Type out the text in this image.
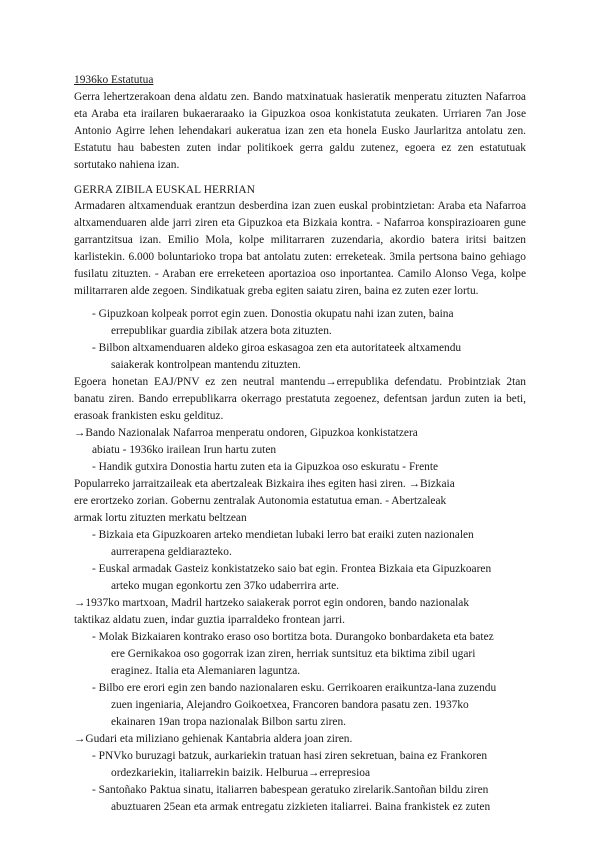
1936ko Estatutua

Gerra lehertzerakoan dena aldatu zen. Bando matxinatuak hasieratik menperatu zituzten Nafarroa eta Araba eta irailaren bukaeraraako ia Gipuzkoa osoa konkistatuta zeukaten. Urriaren 7an Jose Antonio Agirre lehen lehendakari aukeratua izan zen eta honela Eusko Jaurlaritza antolatu zen. Estatutu hau babesten zuten indar politikoek gerra galdu zutenez, egoera ez zen estatutuak sortutako nahiena izan.

GERRA ZIBILA EUSKAL HERRIAN

Armadaren altxamenduak erantzun desberdina izan zuen euskal probintzietan: Araba eta Nafarroa altxamenduaren alde jarri ziren eta Gipuzkoa eta Bizkaia kontra. - Nafarroa konspirazioaren gune garrantzitsua izan. Emilio Mola, kolpe militarraren zuzendaria, akordio batera iritsi baitzen karlistekin. 6.000 boluntarioko tropa bat antolatu zuten: erreketeak. 3mila pertsona baino gehiago fusilatu zituzten. - Araban ere erreketeen aportazioa oso inportantea. Camilo Alonso Vega, kolpe militarraren alde zegoen. Sindikatuak greba egiten saiatu ziren, baina ez zuten ezer lortu.

- Gipuzkoan kolpeak porrot egin zuen. Donostia okupatu nahi izan zuten, baina
errepublikar guardia zibilak atzera bota zituzten.
- Bilbon altxamenduaren aldeko giroa eskasagoa zen eta autoritateek altxamendu
saiakerak kontrolpean mantendu zituzten.

Egoera honetan EAJ/PNV ez zen neutral mantendu→errepublika defendatu. Probintziak 2tan banatu ziren. Bando errepublikarra okerrago prestatuta zegoenez, defentsan jardun zuten ia beti, erasoak frankisten esku geldituz.

→Bando Nazionalak Nafarroa menperatu ondoren, Gipuzkoa konkistatzera
abiatu - 1936ko irailean Irun hartu zuten
- Handik gutxira Donostia hartu zuten eta ia Gipuzkoa oso eskuratu - Frente
Popularreko jarraitzaileak eta abertzaleak Bizkaira ihes egiten hasi ziren. →Bizkaia
ere erortzeko zorian. Gobernu zentralak Autonomia estatutua eman. - Abertzaleak
armak lortu zituzten merkatu beltzean
- Bizkaia eta Gipuzkoaren arteko mendietan lubaki lerro bat eraiki zuten nazionalen
aurrerapena geldiarazteko.
- Euskal armadak Gasteiz konkistatzeko saio bat egin. Frontea Bizkaia eta Gipuzkoaren
arteko mugan egonkortu zen 37ko udaberrira arte.
→1937ko martxoan, Madril hartzeko saiakerak porrot egin ondoren, bando nazionalak
taktikaz aldatu zuen, indar guztia iparraldeko frontean jarri.
- Molak Bizkaiaren kontrako eraso oso bortitza bota. Durangoko bonbardaketa eta batez
ere Gernikakoa oso gogorrak izan ziren, herriak suntsituz eta biktima zibil ugari
eraginez. Italia eta Alemaniaren laguntza.
- Bilbo ere erori egin zen bando nazionalaren esku. Gerrikoaren eraikuntza-lana zuzendu
zuen ingeniaria, Alejandro Goikoetxea, Francoren bandora pasatu zen. 1937ko
ekainaren 19an tropa nazionalak Bilbon sartu ziren.
→Gudari eta miliziano gehienak Kantabria aldera joan ziren.
- PNVko buruzagi batzuk, aurkariekin tratuan hasi ziren sekretuan, baina ez Frankoren
ordezkariekin, italiarrekin baizik. Helburua→errepresioa
- Santoñako Paktua sinatu, italiarren babespean geratuko zirelarik.Santoñan bildu ziren
abuztuaren 25ean eta armak entregatu zizkieten italiarrei. Baina frankistek ez zuten
